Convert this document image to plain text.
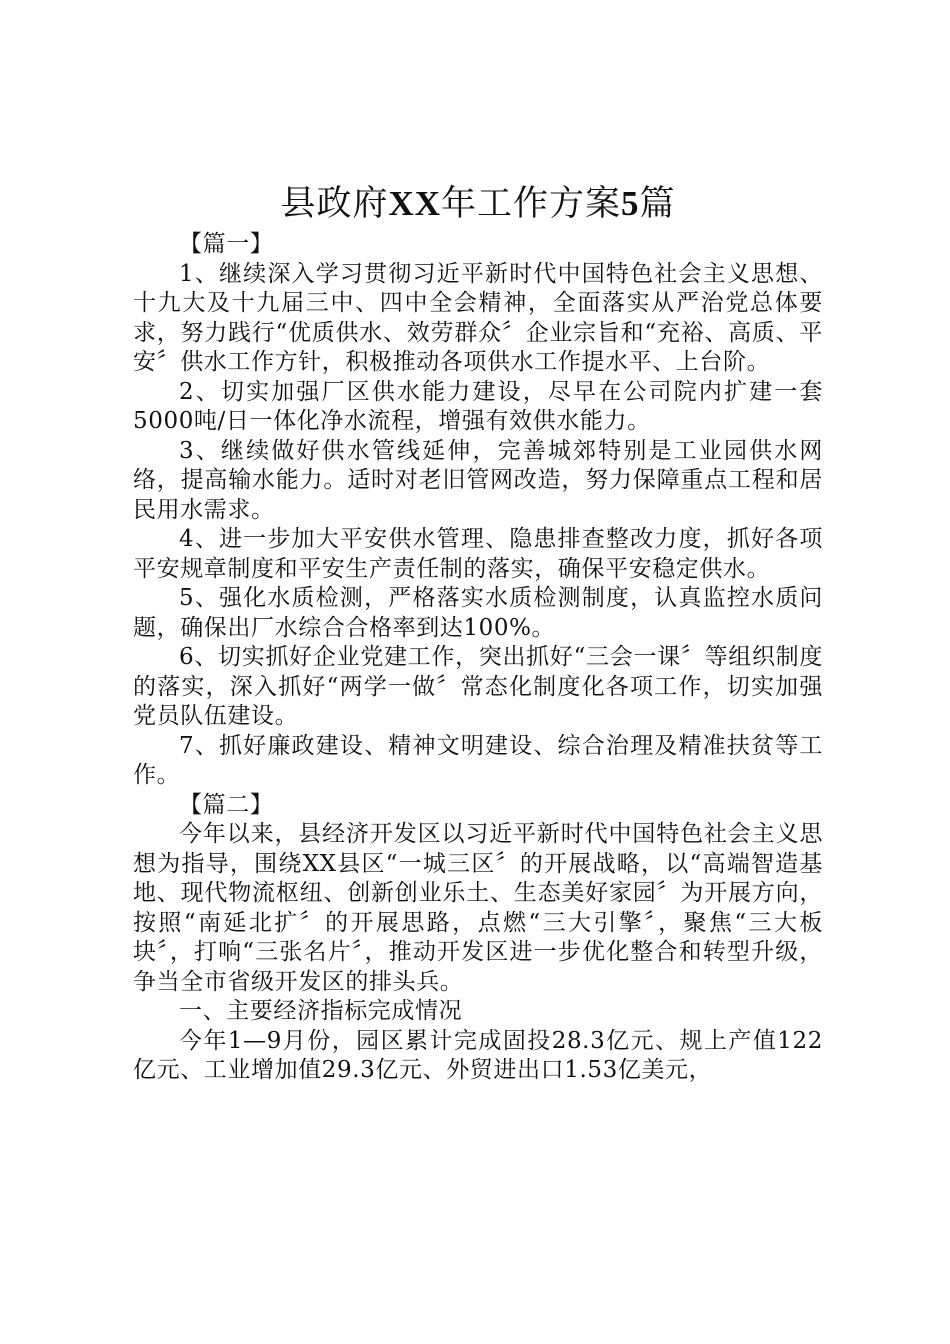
县政府XX年工作方案5篇

【篇一】

1、继续深入学习贯彻习近平新时代中国特色社会主义思想、十九大及十九届三中、四中全会精神，全面落实从严治党总体要求，努力践行“优质供水、效劳群众〞企业宗旨和“充裕、高质、平安〞供水工作方针，积极推动各项供水工作提水平、上台阶。

2、切实加强厂区供水能力建设，尽早在公司院内扩建一套5000吨/日一体化净水流程，增强有效供水能力。

3、继续做好供水管线延伸，完善城郊特别是工业园供水网络，提高输水能力。适时对老旧管网改造，努力保障重点工程和居民用水需求。

4、进一步加大平安供水管理、隐患排查整改力度，抓好各项平安规章制度和平安生产责任制的落实，确保平安稳定供水。

5、强化水质检测，严格落实水质检测制度，认真监控水质问题，确保出厂水综合合格率到达100%。

6、切实抓好企业党建工作，突出抓好“三会一课〞等组织制度的落实，深入抓好“两学一做〞常态化制度化各项工作，切实加强党员队伍建设。

7、抓好廉政建设、精神文明建设、综合治理及精准扶贫等工作。

【篇二】

今年以来，县经济开发区以习近平新时代中国特色社会主义思想为指导，围绕XX县区“一城三区〞的开展战略，以“高端智造基地、现代物流枢纽、创新创业乐土、生态美好家园〞为开展方向，按照“南延北扩〞的开展思路，点燃“三大引擎〞，聚焦“三大板块〞，打响“三张名片〞，推动开发区进一步优化整合和转型升级，争当全市省级开发区的排头兵。

一、主要经济指标完成情况

今年1—9月份，园区累计完成固投28.3亿元、规上产值122亿元、工业增加值29.3亿元、外贸进出口1.53亿美元，
